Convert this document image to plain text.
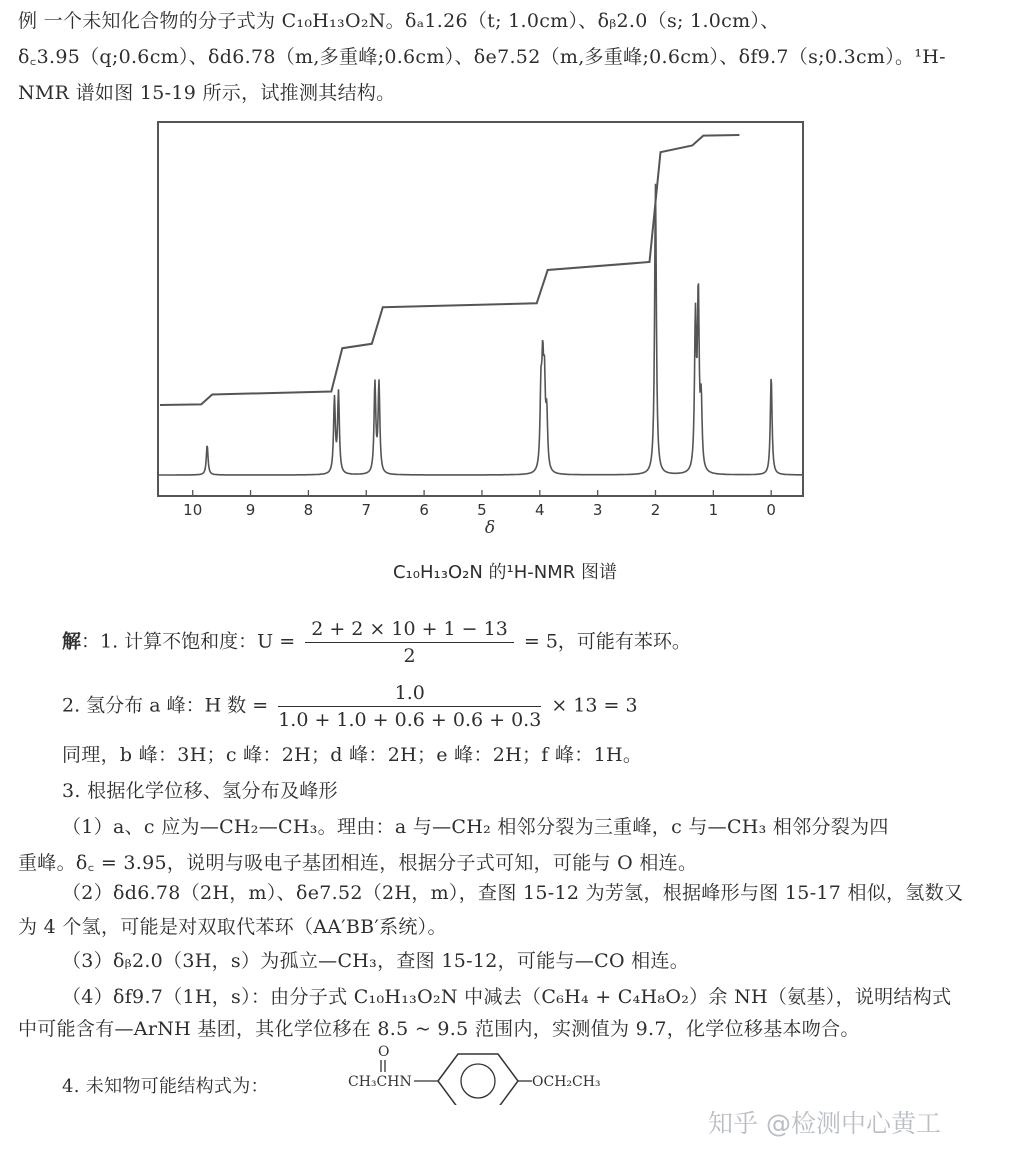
例 一个未知化合物的分子式为 C₁₀H₁₃O₂N。δₐ1.26（t; 1.0cm）、δᵦ2.0（s; 1.0cm）、
δ꜀3.95（q;0.6cm）、δd6.78（m,多重峰;0.6cm）、δe7.52（m,多重峰;0.6cm）、δf9.7（s;0.3cm）。¹H-
NMR 谱如图 15-19 所示，试推测其结构。
10	9	8	7	6	5	4	3	2	1	0
δ
C₁₀H₁₃O₂N 的¹H-NMR 图谱
解：1. 计算不饱和度：$U = \frac{2 + 2 \times 10 + 1 - 13}{2} = 5$，可能有苯环。
2. 氢分布 a 峰：H 数 = $\frac{1.0}{1.0 + 1.0 + 0.6 + 0.6 + 0.3} \times 13 = 3$
同理，b 峰：3H；c 峰：2H；d 峰：2H；e 峰：2H；f 峰：1H。
3. 根据化学位移、氢分布及峰形
（1）a、c 应为—CH₂—CH₃。理由：a 与—CH₂ 相邻分裂为三重峰，c 与—CH₃ 相邻分裂为四
重峰。δ꜀ = 3.95，说明与吸电子基团相连，根据分子式可知，可能与 O 相连。
（2）δd6.78（2H，m）、δe7.52（2H，m），查图 15-12 为芳氢，根据峰形与图 15-17 相似，氢数又
为 4 个氢，可能是对双取代苯环（AA′BB′系统）。
（3）δᵦ2.0（3H，s）为孤立—CH₃，查图 15-12，可能与—CO 相连。
（4）δf9.7（1H，s）：由分子式 C₁₀H₁₃O₂N 中减去（C₆H₄ + C₄H₈O₂）余 NH（氨基），说明结构式
中可能含有—ArNH 基团，其化学位移在 8.5 ~ 9.5 范围内，实测值为 9.7，化学位移基本吻合。
4. 未知物可能结构式为：
O
CH₃CHN	OCH₂CH₃
知乎 @检测中心黄工
